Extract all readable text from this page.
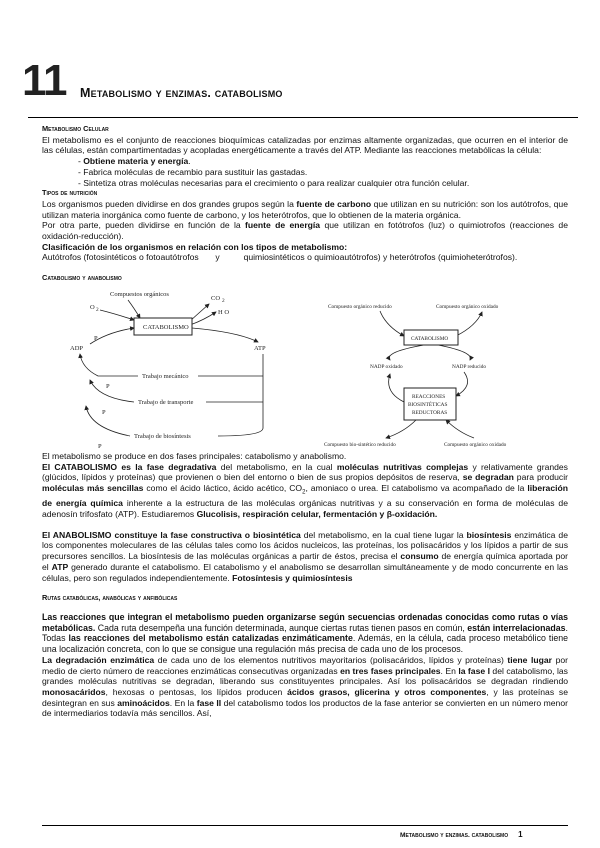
11 Metabolismo y enzimas. catabolismo

Metabolismo Celular

El metabolismo es el conjunto de reacciones bioquímicas catalizadas por enzimas altamente organizadas, que ocurren en el interior de las células, están compartimentadas y acopladas energéticamente a través del ATP. Mediante las reacciones metabólicas la célula:

- Obtiene materia y energía.

- Fabrica moléculas de recambio para sustituir las gastadas.

- Sintetiza otras moléculas necesarias para el crecimiento o para realizar cualquier otra función celular.

Tipos de nutrición

Los organismos pueden dividirse en dos grandes grupos según la fuente de carbono que utilizan en su nutrición: son los autótrofos, que utilizan materia inorgánica como fuente de carbono, y los heterótrofos, que lo obtienen de la materia orgánica.

Por otra parte, pueden dividirse en función de la fuente de energía que utilizan en fotótrofos (luz) o quimiotrofos (reacciones de oxidación-reducción).

Clasificación de los organismos en relación con los tipos de metabolismo:

Autótrofos (fotosintéticos o fotoautótrofos       y          quimiosintéticos o quimioautótrofos) y heterótrofos (quimioheterótrofos).

Catabolismo y anabolismo

Compuestos orgánicos
O 2
CO 2
H O
CATABOLISMO
ADP	ATP
P
Trabajo mecánico
Trabajo de transporte
Trabajo de biosíntesis
P
P
P
Compuesto orgánico reducido	Compuesto orgánico oxidado
CATABOLISMO
NADP oxidado	NADP reducido
REACCIONES
BIOSINTÉTICAS
REDUCTORAS
Compuesto bio-sintético reducido	Compuesto orgánico oxidado

El metabolismo se produce en dos fases principales: catabolismo y anabolismo.

El CATABOLISMO es la fase degradativa del metabolismo, en la cual moléculas nutritivas complejas y relativamente grandes (glúcidos, lípidos y proteínas) que provienen o bien del entorno o bien de sus propios depósitos de reserva, se degradan para producir moléculas más sencillas como el ácido láctico, ácido acético, $CO_2$, amoniaco o urea. El catabolismo va acompañado de la liberación de energía química inherente a la estructura de las moléculas orgánicas nutritivas y a su conservación en forma de moléculas de adenosín trifosfato (ATP). Estudiaremos Glucolisis, respiración celular, fermentación y β-oxidación.

El ANABOLISMO constituye la fase constructiva o biosintética del metabolismo, en la cual tiene lugar la biosíntesis enzimática de los componentes moleculares de las células tales como los ácidos nucleicos, las proteínas, los polisacáridos y los lípidos a partir de sus precursores sencillos. La biosíntesis de las moléculas orgánicas a partir de éstos, precisa el consumo de energía química aportada por el ATP generado durante el catabolismo. El catabolismo y el anabolismo se desarrollan simultáneamente y de modo concurrente en las células, pero son regulados independientemente. Fotosíntesis y quimiosíntesis

Rutas catabólicas, anabólicas y anfibólicas

Las reacciones que integran el metabolismo pueden organizarse según secuencias ordenadas conocidas como rutas o vías metabólicas. Cada ruta desempeña una función determinada, aunque ciertas rutas tienen pasos en común, están interrelacionadas. Todas las reacciones del metabolismo están catalizadas enzimáticamente. Además, en la célula, cada proceso metabólico tiene una localización concreta, con lo que se consigue una regulación más precisa de cada uno de los procesos.

La degradación enzimática de cada uno de los elementos nutritivos mayoritarios (polisacáridos, lípidos y proteínas) tiene lugar por medio de cierto número de reacciones enzimáticas consecutivas organizadas en tres fases principales. En la fase I del catabolismo, las grandes moléculas nutritivas se degradan, liberando sus constituyentes principales. Así los polisacáridos se degradan rindiendo monosacáridos, hexosas o pentosas, los lípidos producen ácidos grasos, glicerina y otros componentes, y las proteínas se desintegran en sus aminoácidos. En la fase II del catabolismo todos los productos de la fase anterior se convierten en un número menor de intermediarios todavía más sencillos. Así,

Metabolismo y enzimas. catabolismo 1
